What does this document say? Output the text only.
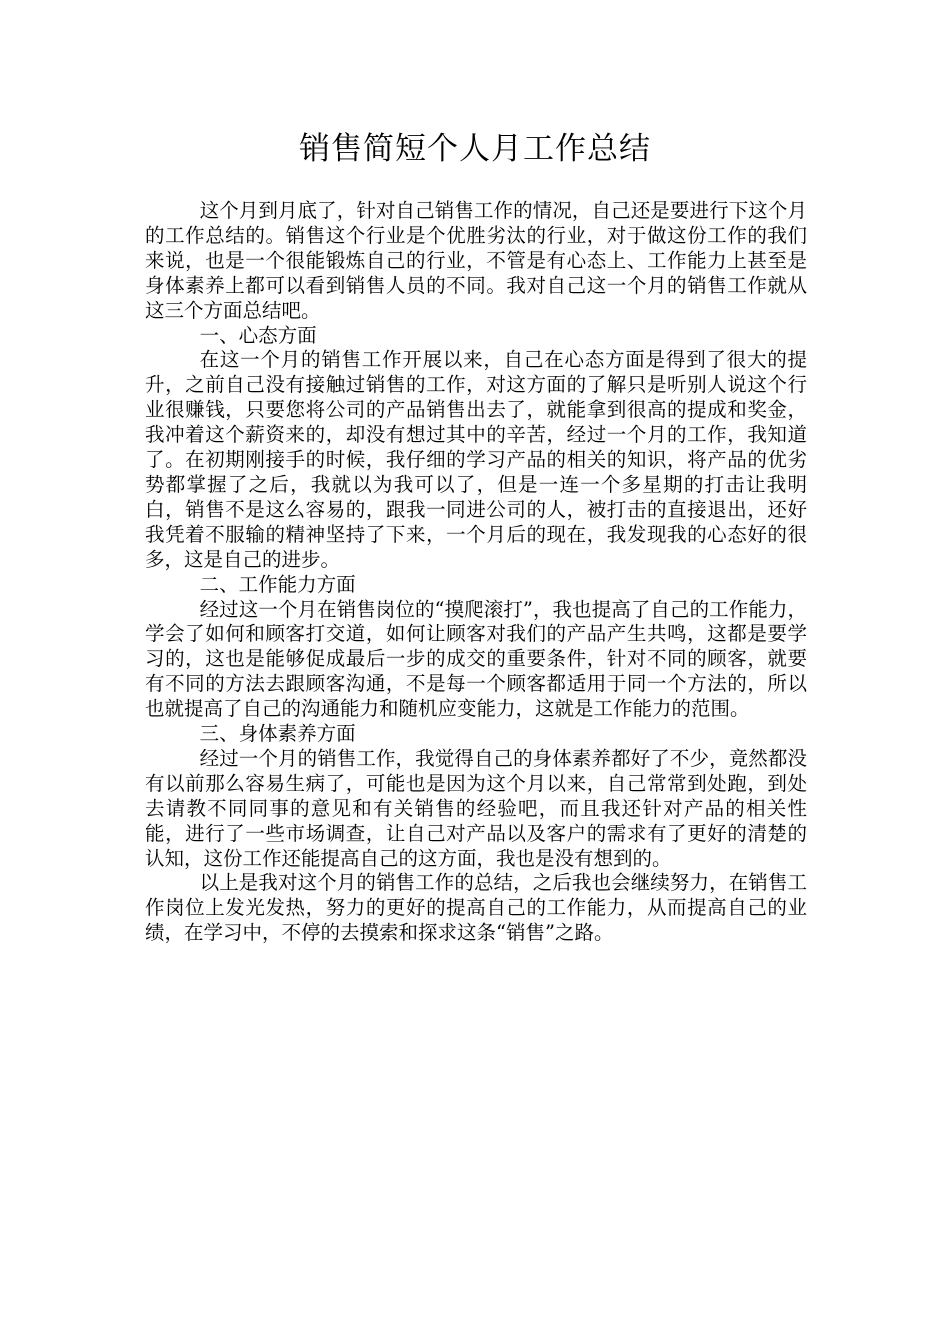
销售简短个人月工作总结

这个月到月底了，针对自己销售工作的情况，自己还是要进行下这个月的工作总结的。销售这个行业是个优胜劣汰的行业，对于做这份工作的我们来说，也是一个很能锻炼自己的行业，不管是有心态上、工作能力上甚至是身体素养上都可以看到销售人员的不同。我对自己这一个月的销售工作就从这三个方面总结吧。

一、心态方面

在这一个月的销售工作开展以来，自己在心态方面是得到了很大的提升，之前自己没有接触过销售的工作，对这方面的了解只是听别人说这个行业很赚钱，只要您将公司的产品销售出去了，就能拿到很高的提成和奖金，我冲着这个薪资来的，却没有想过其中的辛苦，经过一个月的工作，我知道了。在初期刚接手的时候，我仔细的学习产品的相关的知识，将产品的优劣势都掌握了之后，我就以为我可以了，但是一连一个多星期的打击让我明白，销售不是这么容易的，跟我一同进公司的人，被打击的直接退出，还好我凭着不服输的精神坚持了下来，一个月后的现在，我发现我的心态好的很多，这是自己的进步。

二、工作能力方面

经过这一个月在销售岗位的“摸爬滚打”，我也提高了自己的工作能力，学会了如何和顾客打交道，如何让顾客对我们的产品产生共鸣，这都是要学习的，这也是能够促成最后一步的成交的重要条件，针对不同的顾客，就要有不同的方法去跟顾客沟通，不是每一个顾客都适用于同一个方法的，所以也就提高了自己的沟通能力和随机应变能力，这就是工作能力的范围。

三、身体素养方面

经过一个月的销售工作，我觉得自己的身体素养都好了不少，竟然都没有以前那么容易生病了，可能也是因为这个月以来，自己常常到处跑，到处去请教不同同事的意见和有关销售的经验吧，而且我还针对产品的相关性能，进行了一些市场调查，让自己对产品以及客户的需求有了更好的清楚的认知，这份工作还能提高自己的这方面，我也是没有想到的。

以上是我对这个月的销售工作的总结，之后我也会继续努力，在销售工作岗位上发光发热，努力的更好的提高自己的工作能力，从而提高自己的业绩，在学习中，不停的去摸索和探求这条“销售”之路。
